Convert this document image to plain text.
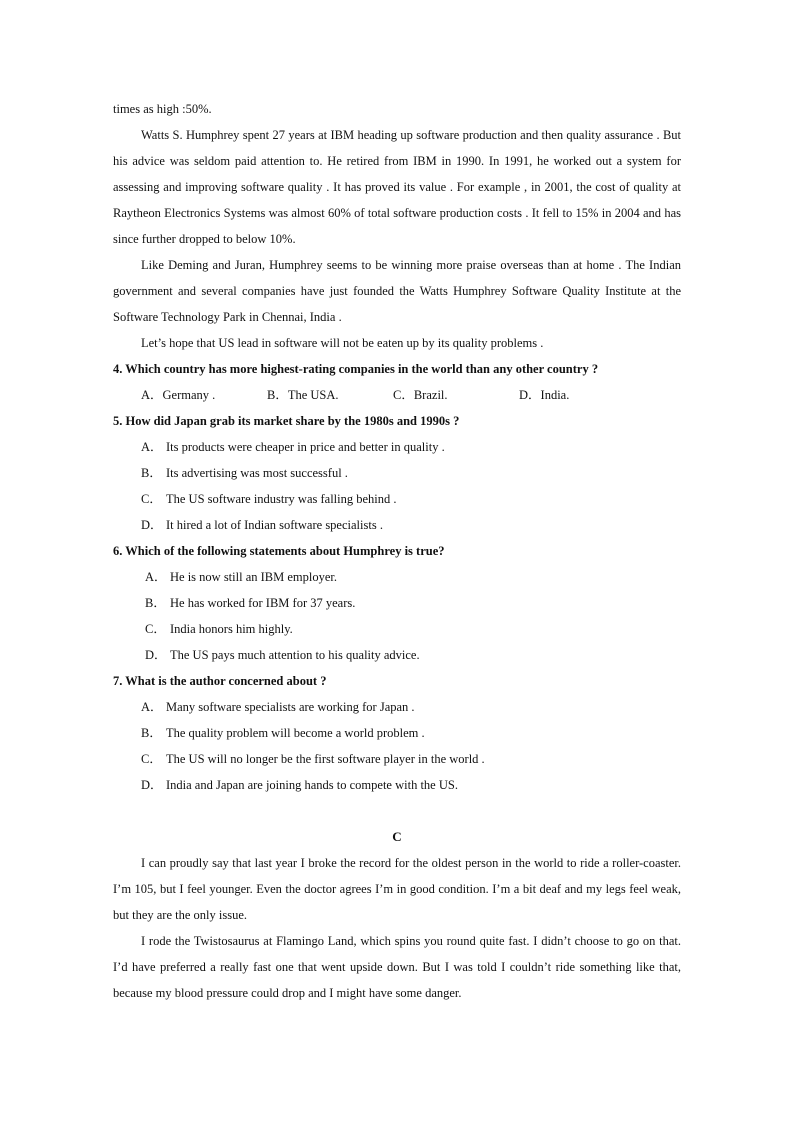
times as high :50%.
Watts S. Humphrey spent 27 years at IBM heading up software production and then quality assurance . But his advice was seldom paid attention to. He retired from IBM in 1990. In 1991, he worked out a system for assessing and improving software quality . It has proved its value . For example , in 2001, the cost of quality at Raytheon Electronics Systems was almost 60% of total software production costs . It fell to 15% in 2004 and has since further dropped to below 10%.
Like Deming and Juran, Humphrey seems to be winning more praise overseas than at home . The Indian government and several companies have just founded the Watts Humphrey Software Quality Institute at the Software Technology Park in Chennai, India .
Let’s hope that US lead in software will not be eaten up by its quality problems .
4. Which country has more highest-rating companies in the world than any other country ?
A．Germany .	B．The USA.	C．Brazil.	D．India.
5. How did Japan grab its market share by the 1980s and 1990s ?
A． Its products were cheaper in price and better in quality .
B． Its advertising was most successful .
C． The US software industry was falling behind .
D． It hired a lot of Indian software specialists .
6. Which of the following statements about Humphrey is true?
A． He is now still an IBM employer.
B． He has worked for IBM for 37 years.
C． India honors him highly.
D． The US pays much attention to his quality advice.
7. What is the author concerned about ?
A． Many software specialists are working for Japan .
B． The quality problem will become a world problem .
C． The US will no longer be the first software player in the world .
D． India and Japan are joining hands to compete with the US.
C
I can proudly say that last year I broke the record for the oldest person in the world to ride a roller-coaster. I’m 105, but I feel younger. Even the doctor agrees I’m in good condition. I’m a bit deaf and my legs feel weak, but they are the only issue.
I rode the Twistosaurus at Flamingo Land, which spins you round quite fast. I didn’t choose to go on that. I’d have preferred a really fast one that went upside down. But I was told I couldn’t ride something like that, because my blood pressure could drop and I might have some danger.
